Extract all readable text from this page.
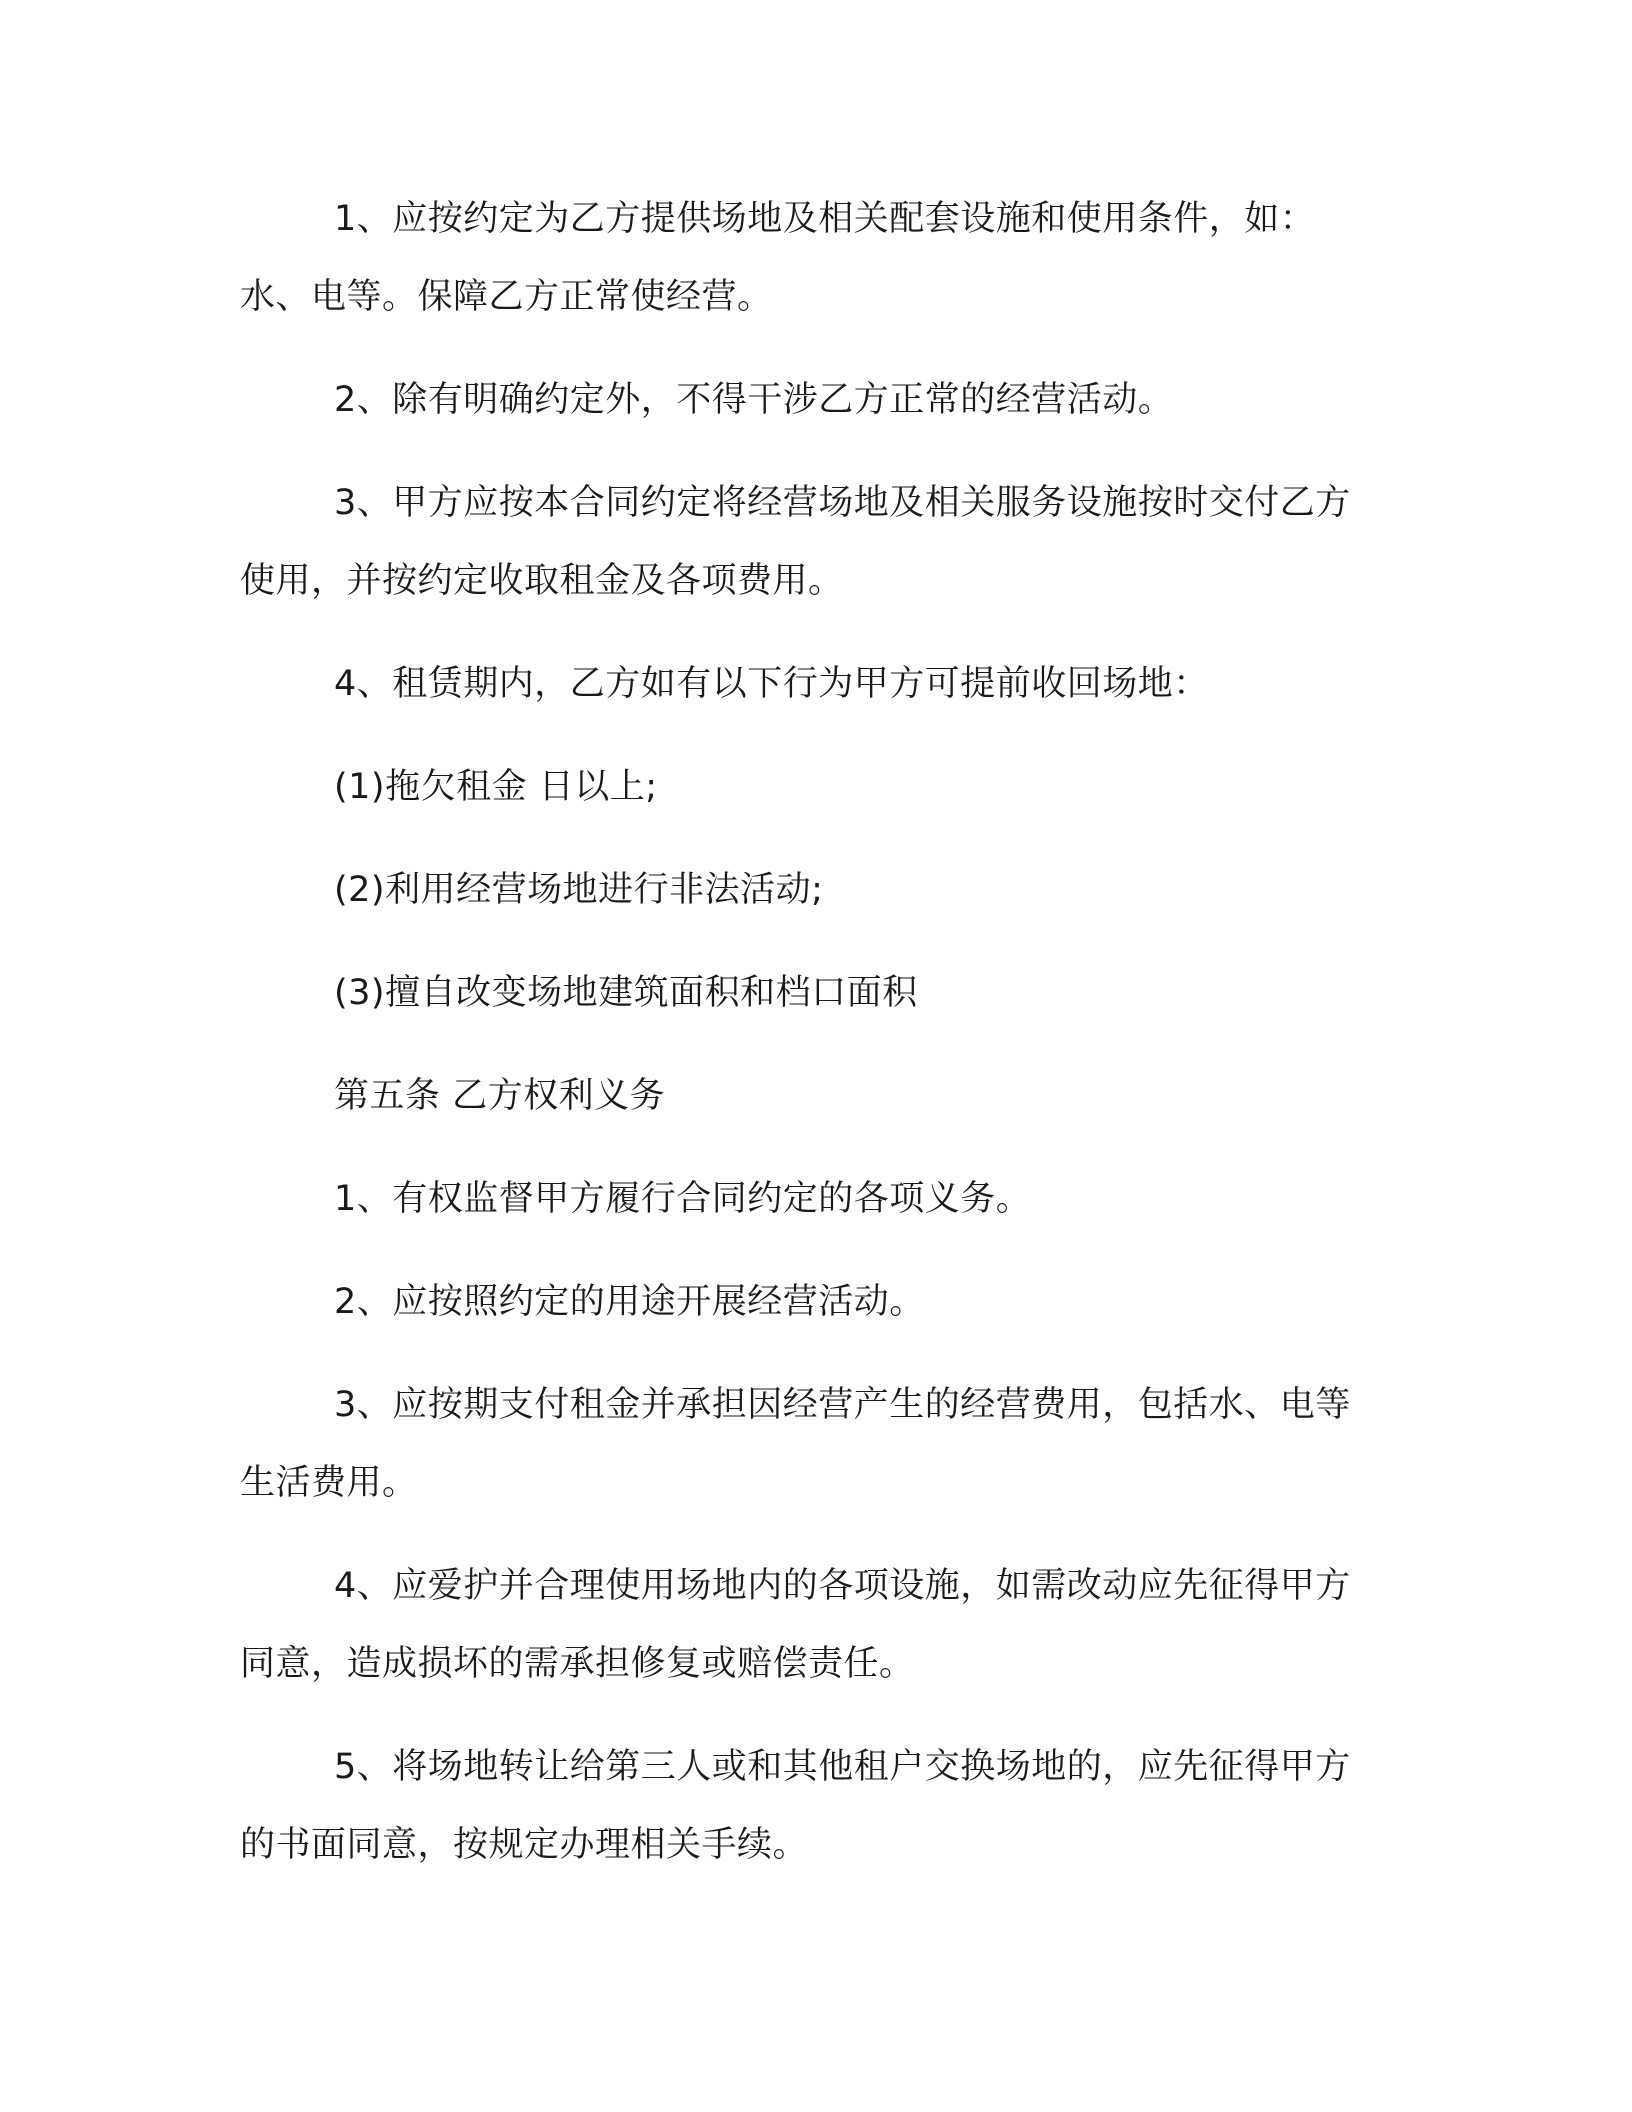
1、应按约定为乙方提供场地及相关配套设施和使用条件，如：水、电等。保障乙方正常使经营。

2、除有明确约定外，不得干涉乙方正常的经营活动。

3、甲方应按本合同约定将经营场地及相关服务设施按时交付乙方使用，并按约定收取租金及各项费用。

4、租赁期内，乙方如有以下行为甲方可提前收回场地：

(1)拖欠租金 日以上;

(2)利用经营场地进行非法活动;

(3)擅自改变场地建筑面积和档口面积

第五条 乙方权利义务

1、有权监督甲方履行合同约定的各项义务。

2、应按照约定的用途开展经营活动。

3、应按期支付租金并承担因经营产生的经营费用，包括水、电等生活费用。

4、应爱护并合理使用场地内的各项设施，如需改动应先征得甲方同意，造成损坏的需承担修复或赔偿责任。

5、将场地转让给第三人或和其他租户交换场地的，应先征得甲方的书面同意，按规定办理相关手续。
